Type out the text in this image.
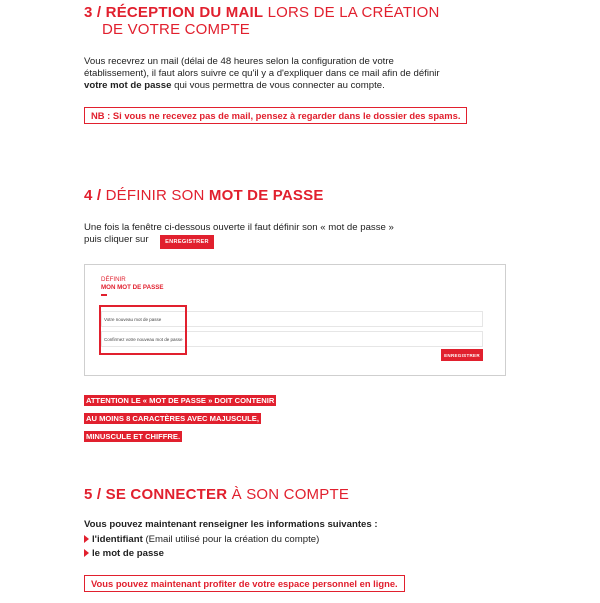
3 / RÉCEPTION DU MAIL LORS DE LA CRÉATION
DE VOTRE COMPTE
Vous recevrez un mail (délai de 48 heures selon la configuration de votre
établissement), il faut alors suivre ce qu'il y a d'expliquer dans ce mail afin de définir
votre mot de passe qui vous permettra de vous connecter au compte.
NB : Si vous ne recevez pas de mail, pensez à regarder dans le dossier des spams.
4 / DÉFINIR SON MOT DE PASSE
Une fois la fenêtre ci-dessous ouverte il faut définir son « mot de passe »
puis cliquer sur	ENREGISTRER
DÉFINIR
MON MOT DE PASSE
Votre nouveau mot de passe
Confirmez votre nouveau mot de passe
ENREGISTRER
ATTENTION LE « MOT DE PASSE » DOIT CONTENIR
AU MOINS 8 CARACTÈRES AVEC MAJUSCULE,
MINUSCULE ET CHIFFRE.
5 / SE CONNECTER À SON COMPTE
Vous pouvez maintenant renseigner les informations suivantes :
l'identifiant (Email utilisé pour la création du compte)
le mot de passe
Vous pouvez maintenant profiter de votre espace personnel en ligne.
